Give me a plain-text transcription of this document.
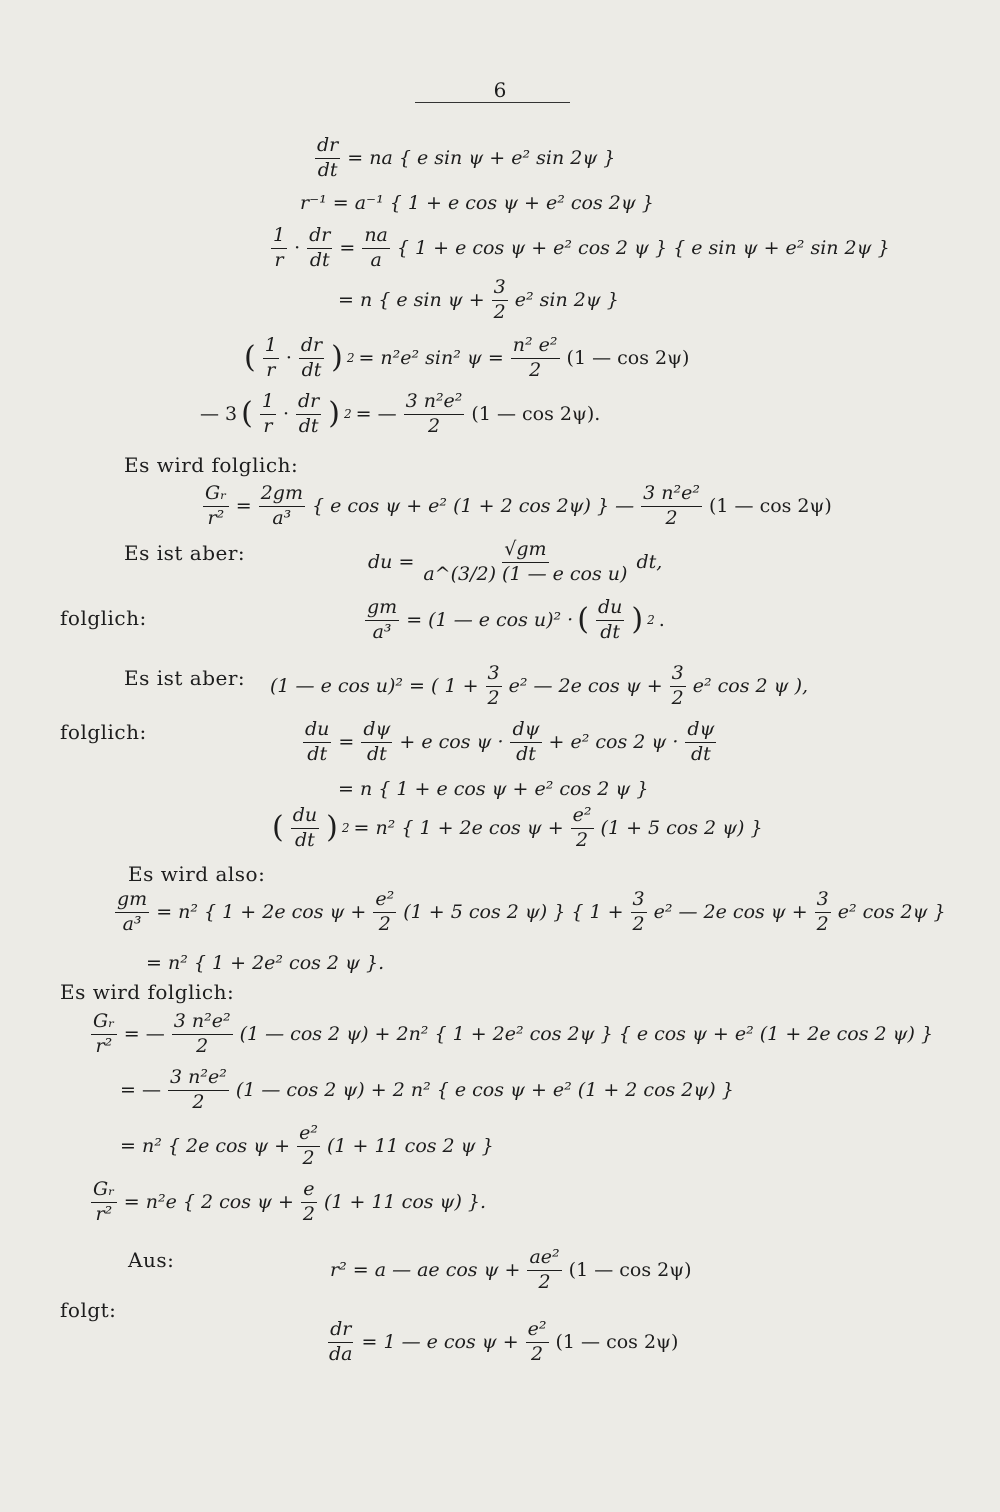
6
$\frac{dr}{dt}$ = na { e sin ψ + e² sin 2ψ }
r⁻¹ = a⁻¹ { 1 + e cos ψ + e² cos 2ψ }
$\frac{1}{r} \cdot \frac{dr}{dt} = \frac{na}{a}$ { 1 + e cos ψ + e² cos 2 ψ } { e sin ψ + e² sin 2ψ }
= n { e $\sin \psi + \frac{3}{2} e^2$ sin 2ψ }
( $\frac{1}{r} \cdot \frac{dr}{dt}$ ) 2 = n²e² sin² $\psi = \frac{\text{n² e²}}{2} (1$ — cos 2ψ)
— 3 ( $\frac{1}{r} \cdot \frac{dr}{dt}$ ) 2 = — $\frac{\text{3 n²e²}}{2} (1$ — cos 2ψ).
Es wird folglich:
$\frac{\text{Gᵣ}}{\text{r²}} = \frac{2gm}{\text{a³}}$ { e cos ψ + e² (1 + 2 cos 2ψ) } — $\frac{\text{3 n²e²}}{2} (1$ — cos 2ψ)
Es ist aber:	du = $\frac{√gm}{\text{a\textasciicircum{}(3/2) (1 — e cos u)}}$ dt,
folglich:	$\frac{gm}{\text{a³}} = (1$ — e cos u)² · ( $\frac{du}{dt}$ ) 2 .
Es ist aber: (1 — e cos u)² = ( $1 + \frac{3}{2} e^2$ — 2e $\cos \psi + \frac{3}{2} e^2$ cos 2 ψ ),
folglich:	$\frac{du}{dt} = \frac{d\psi}{dt} + e$ $\cos \psi \cdot \frac{d\psi}{dt} + e^2$ cos 2 $\psi \cdot \frac{d\psi}{dt}$
= n { 1 + e cos ψ + e² cos 2 ψ }
( $\frac{du}{dt}$ ) 2 = n² { 1 + 2e $\cos \psi + \frac{\text{e²}}{2} (1 + 5$ cos 2 ψ) }
Es wird also:
$\frac{gm}{\text{a³}} = n^2$ { 1 + 2e $\cos \psi + \frac{\text{e²}}{2} (1 + 5$ cos 2 ψ) } { $1 + \frac{3}{2} e^2$ — 2e $\cos \psi + \frac{3}{2} e^2$ cos 2ψ }
= n² { 1 + 2e² cos 2 ψ }.
Es wird folglich:
$\frac{\text{Gᵣ}}{\text{r²}}$ = — $\frac{\text{3 n²e²}}{2} (1$ — cos 2 ψ) + 2n² { 1 + 2e² cos 2ψ } { e cos ψ + e² (1 + 2e cos 2 ψ) }
= — $\frac{\text{3 n²e²}}{2} (1$ — cos 2 ψ) + 2 n² { e cos ψ + e² (1 + 2 cos 2ψ) }
= n² { 2e $\cos \psi + \frac{\text{e²}}{2} (1 + 11$ cos 2 ψ }
$\frac{\text{Gᵣ}}{\text{r²}} = n^2e$ { 2 $\cos \psi + \frac{e}{2} (1 + 11$ cos ψ) }.
Aus:	r² = a — ae $\cos \psi + \frac{\text{ae²}}{2} (1$ — cos 2ψ)
folgt:
$\frac{dr}{da} = 1$ — e $\cos \psi + \frac{\text{e²}}{2} (1$ — cos 2ψ)
